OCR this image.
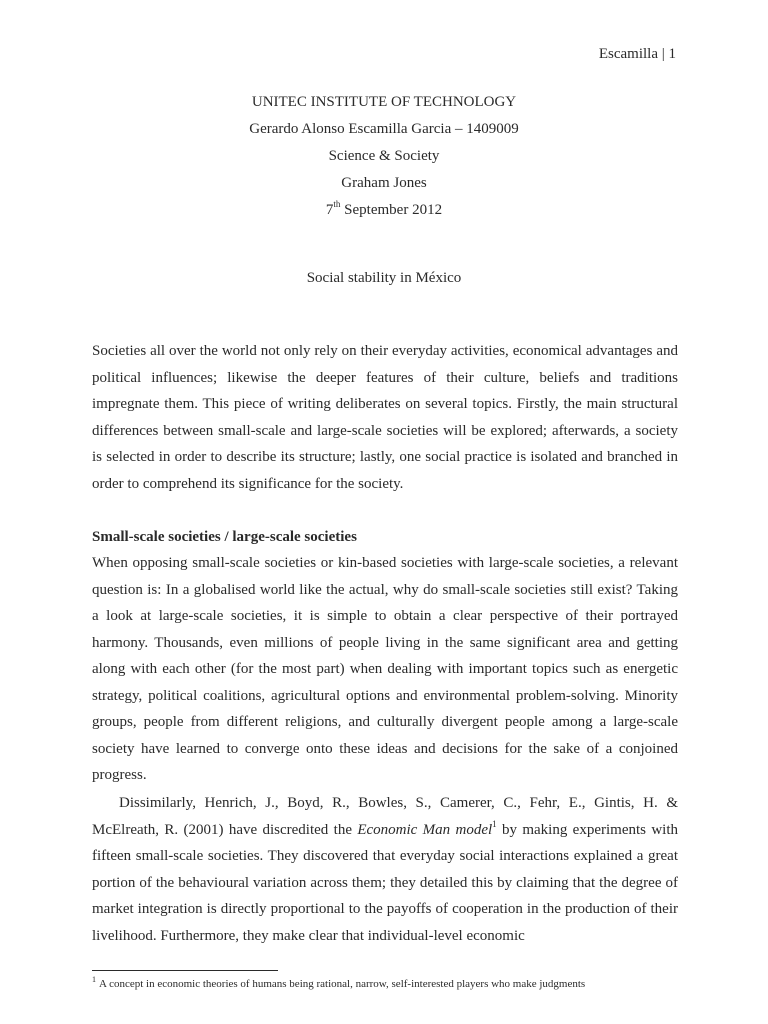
Escamilla | 1
UNITEC INSTITUTE OF TECHNOLOGY
Gerardo Alonso Escamilla Garcia – 1409009
Science & Society
Graham Jones
7th September 2012
Social stability in México

Societies all over the world not only rely on their everyday activities, economical advantages and political influences; likewise the deeper features of their culture, beliefs and traditions impregnate them. This piece of writing deliberates on several topics. Firstly, the main structural differences between small-scale and large-scale societies will be explored; afterwards, a society is selected in order to describe its structure; lastly, one social practice is isolated and branched in order to comprehend its significance for the society.

Small-scale societies / large-scale societies

When opposing small-scale societies or kin-based societies with large-scale societies, a relevant question is: In a globalised world like the actual, why do small-scale societies still exist? Taking a look at large-scale societies, it is simple to obtain a clear perspective of their portrayed harmony. Thousands, even millions of people living in the same significant area and getting along with each other (for the most part) when dealing with important topics such as energetic strategy, political coalitions, agricultural options and environmental problem-solving. Minority groups, people from different religions, and culturally divergent people among a large-scale society have learned to converge onto these ideas and decisions for the sake of a conjoined progress.

Dissimilarly, Henrich, J., Boyd, R., Bowles, S., Camerer, C., Fehr, E., Gintis, H. & McElreath, R. (2001) have discredited the Economic Man model$^1$ by making experiments with fifteen small-scale societies. They discovered that everyday social interactions explained a great portion of the behavioural variation across them; they detailed this by claiming that the degree of market integration is directly proportional to the payoffs of cooperation in the production of their livelihood. Furthermore, they make clear that individual-level economic

$^1$ A concept in economic theories of humans being rational, narrow, self-interested players who make judgments
